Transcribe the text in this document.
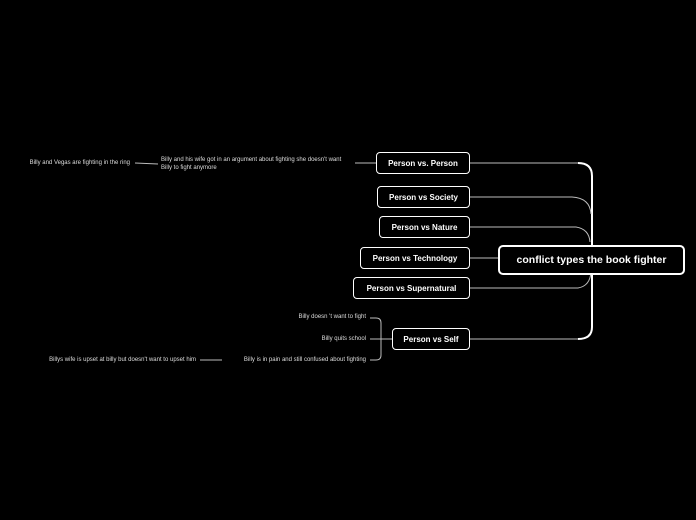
conflict types the book fighter
Person vs. Person
Person vs Society
Person vs Nature
Person vs Technology
Person vs Supernatural
Person vs Self
Billy and his wife got in an argument about fighting she doesn't want Billy to fight anymore
Billy and Vegas are fighting in the ring
Billy doesn 't want to fight
Billy quits school
Billy is in pain and still confused about fighting
Billys wife is upset at billy but doesn't want to upset him
